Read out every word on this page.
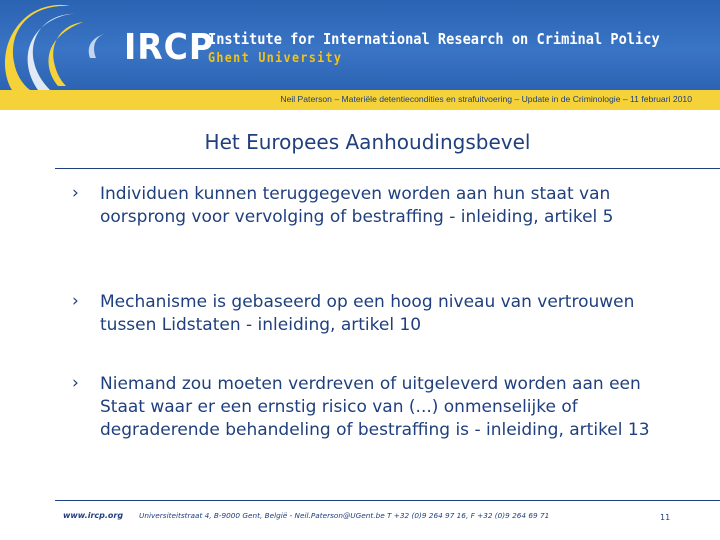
IRCP
Institute for International Research on Criminal Policy
Ghent University
Neil Paterson – Materiële detentiecondities en strafuitvoering – Update in de Criminologie – 11 februari 2010
Het Europees Aanhoudingsbevel
› Individuen kunnen teruggegeven worden aan hun staat van oorsprong voor vervolging of bestraffing - inleiding, artikel 5
› Mechanisme is gebaseerd op een hoog niveau van vertrouwen tussen Lidstaten - inleiding, artikel 10
› Niemand zou moeten verdreven of uitgeleverd worden aan een Staat waar er een ernstig risico van (...) onmenselijke of degraderende behandeling of bestraffing is - inleiding, artikel 13
www.ircp.org Universiteitstraat 4, B-9000 Gent, België - Neil.Paterson@UGent.be T +32 (0)9 264 97 16, F +32 (0)9 264 69 71	11
